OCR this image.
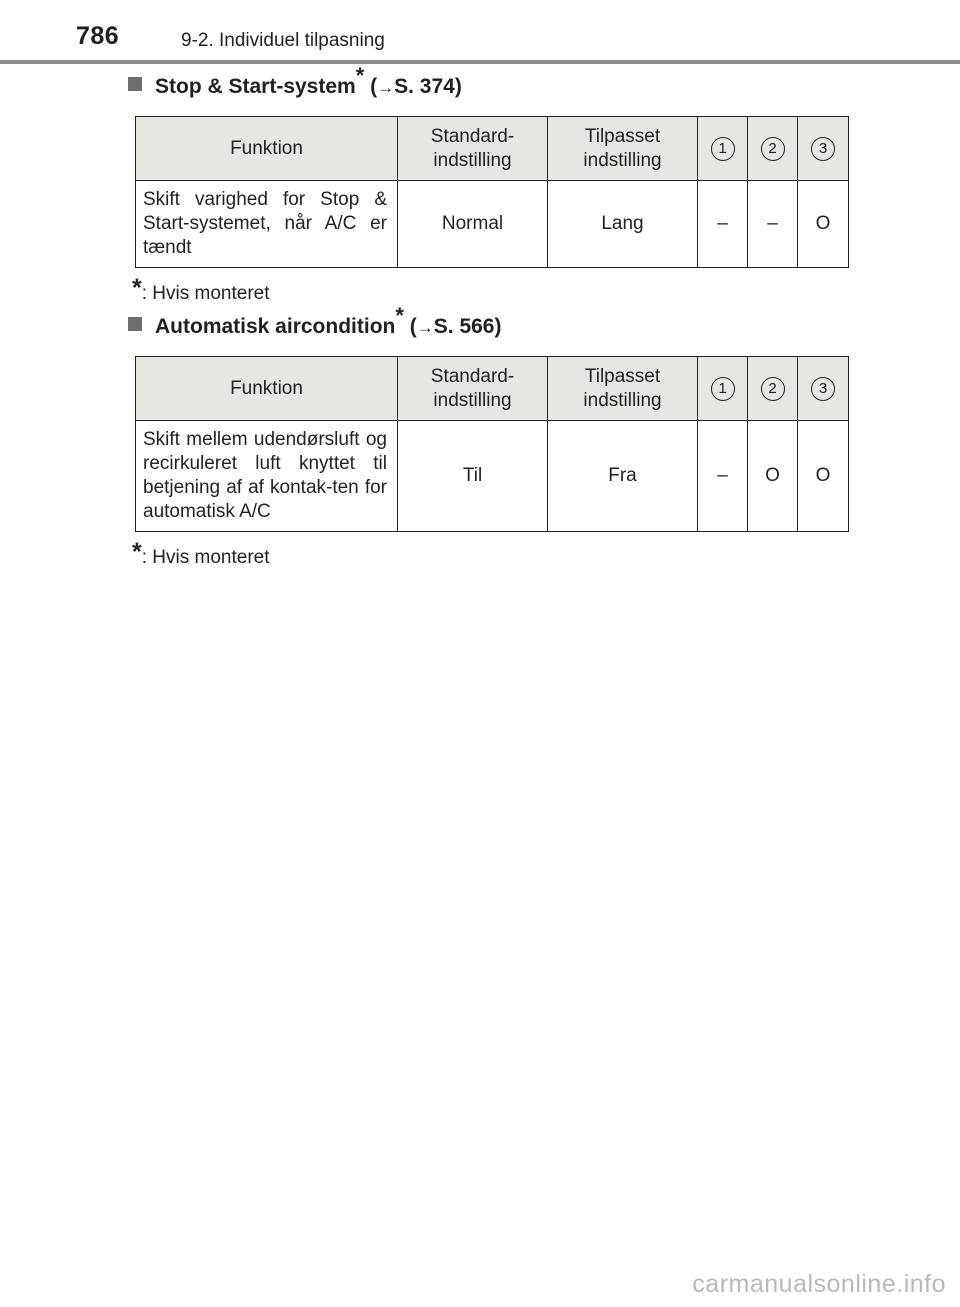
786	9-2. Individuel tilpasning
Stop & Start-system* (→S. 374)
Funktion	Standard-indstilling	Tilpasset indstilling	1	2	3
Skift varighed for Stop & Start-systemet, når A/C er tændt	Normal	Lang	–	–	O
*: Hvis monteret
Automatisk aircondition* (→S. 566)
Funktion	Standard-indstilling	Tilpasset indstilling	1	2	3
Skift mellem udendørsluft og recirkuleret luft knyttet til betjening af af kontak-ten for automatisk A/C	Til	Fra	–	O	O
*: Hvis monteret
carmanualsonline.info
